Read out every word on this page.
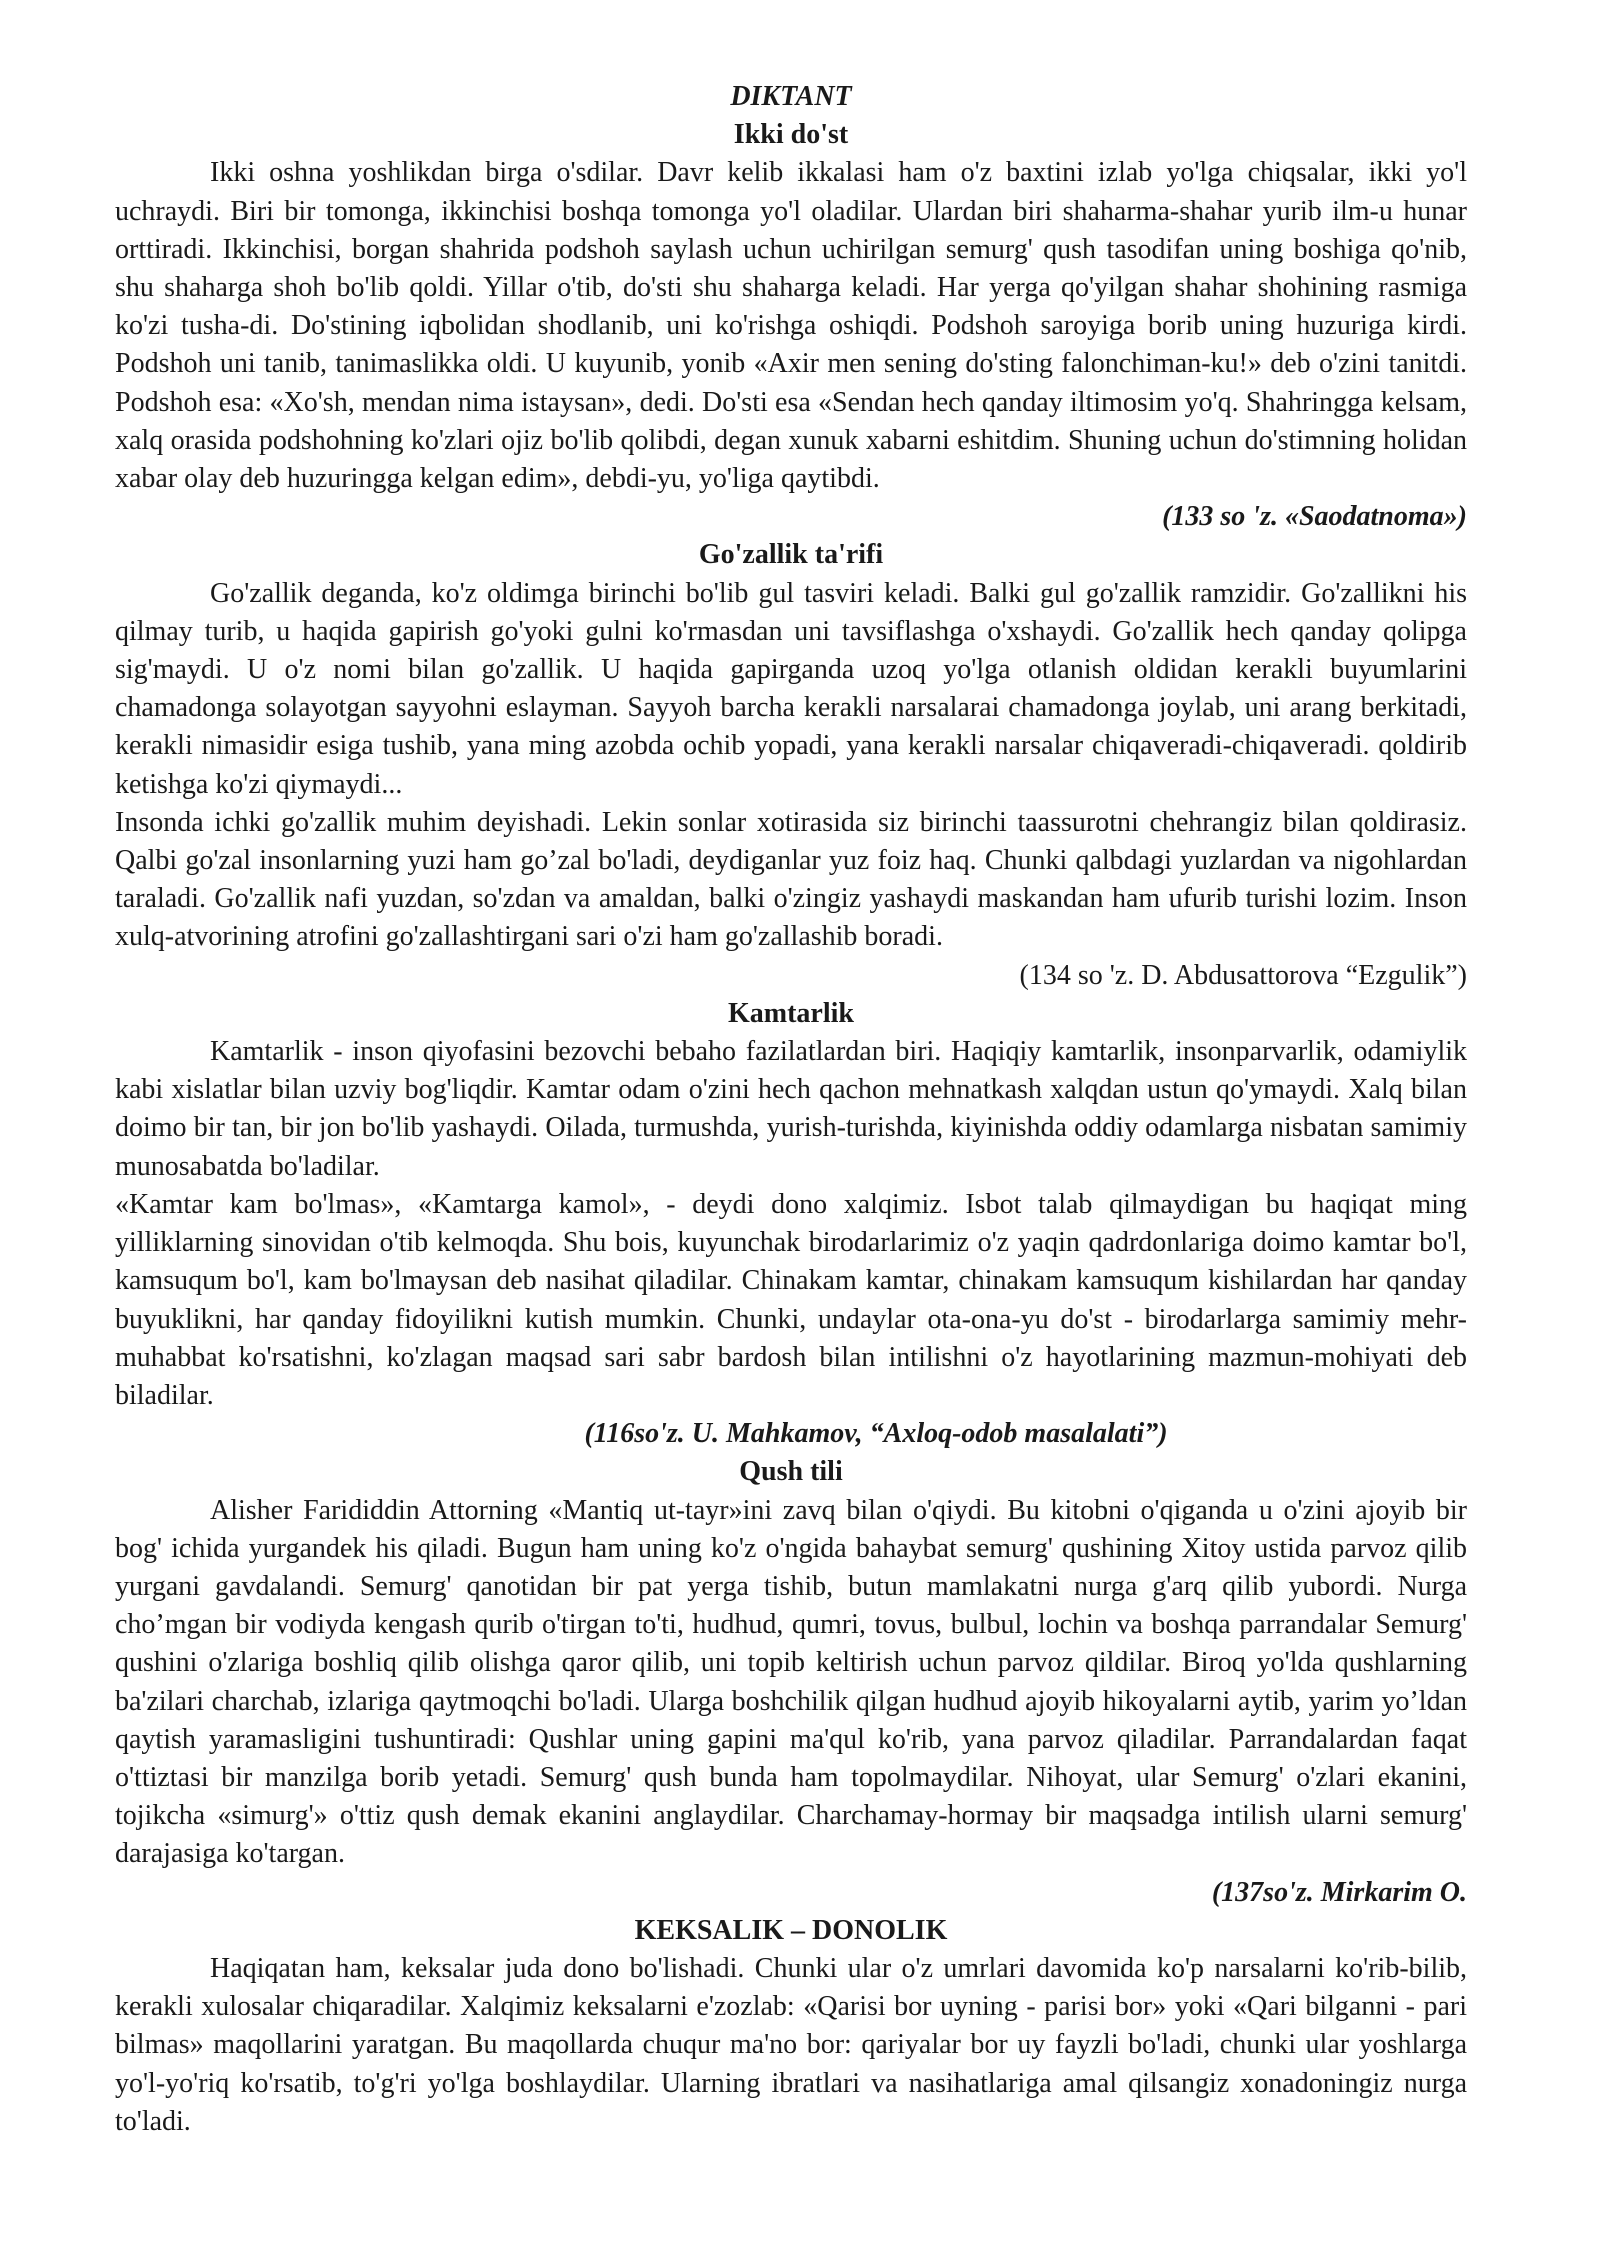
DIKTANT

Ikki do'st

Ikki oshna yoshlikdan birga o'sdilar. Davr kelib ikkalasi ham o'z baxtini izlab yo'lga chiqsalar, ikki yo'l uchraydi. Biri bir tomonga, ikkinchisi boshqa tomonga yo'l oladilar. Ulardan biri shaharma-shahar yurib ilm-u hunar orttiradi. Ikkinchisi, borgan shahrida podshoh saylash uchun uchirilgan semurg' qush tasodifan uning boshiga qo'nib, shu shaharga shoh bo'lib qoldi. Yillar o'tib, do'sti shu shaharga keladi. Har yerga qo'yilgan shahar shohining rasmiga ko'zi tusha-di. Do'stining iqbolidan shodlanib, uni ko'rishga oshiqdi. Podshoh saroyiga borib uning huzuriga kirdi. Podshoh uni tanib, tanimaslikka oldi. U kuyunib, yonib «Axir men sening do'sting falonchiman-ku!» deb o'zini tanitdi. Podshoh esa: «Xo'sh, mendan nima istaysan», dedi. Do'sti esa «Sendan hech qanday iltimosim yo'q. Shahringga kelsam, xalq orasida podshohning ko'zlari ojiz bo'lib qolibdi, degan xunuk xabarni eshitdim. Shuning uchun do'stimning holidan xabar olay deb huzuringga kelgan edim», debdi-yu, yo'liga qaytibdi.

(133 so 'z. «Saodatnoma»)

Go'zallik ta'rifi

Go'zallik deganda, ko'z oldimga birinchi bo'lib gul tasviri keladi. Balki gul go'zallik ramzidir. Go'zallikni his qilmay turib, u haqida gapirish go'yoki gulni ko'rmasdan uni tavsiflashga o'xshaydi. Go'zallik hech qanday qolipga sig'maydi. U o'z nomi bilan go'zallik. U haqida gapirganda uzoq yo'lga otlanish oldidan kerakli buyumlarini chamadonga solayotgan sayyohni eslayman. Sayyoh barcha kerakli narsalarai chamadonga joylab, uni arang berkitadi, kerakli nimasidir esiga tushib, yana ming azobda ochib yopadi, yana kerakli narsalar chiqaveradi-chiqaveradi. qoldirib ketishga ko'zi qiymaydi...

Insonda ichki go'zallik muhim deyishadi. Lekin sonlar xotirasida siz birinchi taassurotni chehrangiz bilan qoldirasiz. Qalbi go'zal insonlarning yuzi ham go’zal bo'ladi, deydiganlar yuz foiz haq. Chunki qalbdagi yuzlardan va nigohlardan taraladi. Go'zallik nafi yuzdan, so'zdan va amaldan, balki o'zingiz yashaydi maskandan ham ufurib turishi lozim. Inson xulq-atvorining atrofini go'zallashtirgani sari o'zi ham go'zallashib boradi.

(134 so 'z. D. Abdusattorova “Ezgulik”)

Kamtarlik

Kamtarlik - inson qiyofasini bezovchi bebaho fazilatlardan biri. Haqiqiy kamtarlik, insonparvarlik, odamiylik kabi xislatlar bilan uzviy bog'liqdir. Kamtar odam o'zini hech qachon mehnatkash xalqdan ustun qo'ymaydi. Xalq bilan doimo bir tan, bir jon bo'lib yashaydi. Oilada, turmushda, yurish-turishda, kiyinishda oddiy odamlarga nisbatan samimiy munosabatda bo'ladilar.

«Kamtar kam bo'lmas», «Kamtarga kamol», - deydi dono xalqimiz. Isbot talab qilmaydigan bu haqiqat ming yilliklarning sinovidan o'tib kelmoqda. Shu bois, kuyunchak birodarlarimiz o'z yaqin qadrdonlariga doimo kamtar bo'l, kamsuqum bo'l, kam bo'lmaysan deb nasihat qiladilar. Chinakam kamtar, chinakam kamsuqum kishilardan har qanday buyuklikni, har qanday fidoyilikni kutish mumkin. Chunki, undaylar ota-ona-yu do'st - birodarlarga samimiy mehr-muhabbat ko'rsatishni, ko'zlagan maqsad sari sabr bardosh bilan intilishni o'z hayotlarining mazmun-mohiyati deb biladilar.

(116so'z. U. Mahkamov, “Axloq-odob masalalati”)

Qush tili

Alisher Farididdin Attorning «Mantiq ut-tayr»ini zavq bilan o'qiydi. Bu kitobni o'qiganda u o'zini ajoyib bir bog' ichida yurgandek his qiladi. Bugun ham uning ko'z o'ngida bahaybat semurg' qushining Xitoy ustida parvoz qilib yurgani gavdalandi. Semurg' qanotidan bir pat yerga tishib, butun mamlakatni nurga g'arq qilib yubordi. Nurga cho’mgan bir vodiyda kengash qurib o'tirgan to'ti, hudhud, qumri, tovus, bulbul, lochin va boshqa parrandalar Semurg' qushini o'zlariga boshliq qilib olishga qaror qilib, uni topib keltirish uchun parvoz qildilar. Biroq yo'lda qushlarning ba'zilari charchab, izlariga qaytmoqchi bo'ladi. Ularga boshchilik qilgan hudhud ajoyib hikoyalarni aytib, yarim yo’ldan qaytish yaramasligini tushuntiradi: Qushlar uning gapini ma'qul ko'rib, yana parvoz qiladilar. Parrandalardan faqat o'ttiztasi bir manzilga borib yetadi. Semurg' qush bunda ham topolmaydilar. Nihoyat, ular Semurg' o'zlari ekanini, tojikcha «simurg'» o'ttiz qush demak ekanini anglaydilar. Charchamay-hormay bir maqsadga intilish ularni semurg' darajasiga ko'targan.

(137so'z. Mirkarim O.

KEKSALIK – DONOLIK

Haqiqatan ham, keksalar juda dono bo'lishadi. Chunki ular o'z umrlari davomida ko'p narsalarni ko'rib-bilib, kerakli xulosalar chiqaradilar. Xalqimiz keksalarni e'zozlab: «Qarisi bor uyning - parisi bor» yoki «Qari bilganni - pari bilmas» maqollarini yaratgan. Bu maqollarda chuqur ma'no bor: qariyalar bor uy fayzli bo'ladi, chunki ular yoshlarga yo'l-yo'riq ko'rsatib, to'g'ri yo'lga boshlaydilar. Ularning ibratlari va nasihatlariga amal qilsangiz xonadoningiz nurga to'ladi.
